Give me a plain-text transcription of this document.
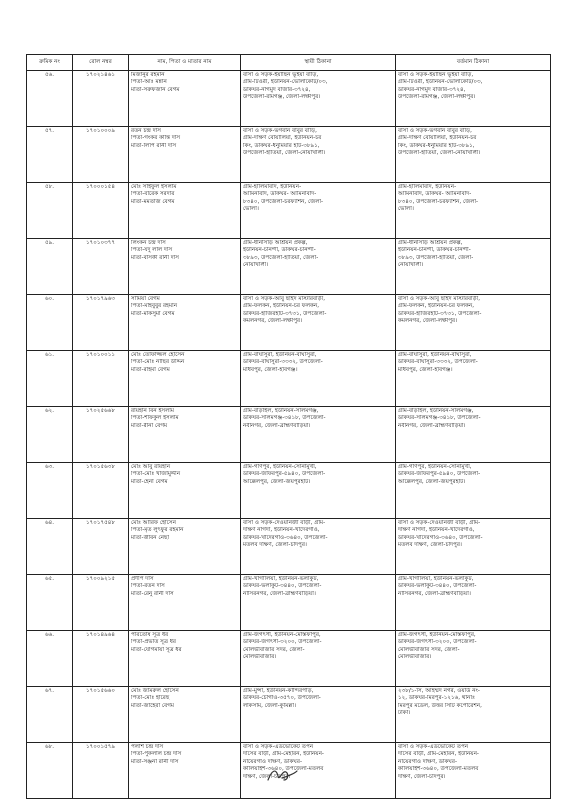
ক্রমিক নং	রোল নম্বর	নাম, পিতা ও মাতার নাম	স্থায়ী ঠিকানা	বর্তমান ঠিকানা
৫৬.	১৭০২১৪৬১	মিজানুর রহমান
পিতা-আঃ মন্নান
মাতা-সরুফজান বেগম	বাসা ও সড়ক-ইয়াছিন ভূইয়া বাড়ি,
গ্রাম-টিওরী, ইউনিয়ন-ভোলাকোট/০৩,
ডাকঘর-নাগমুদ বাজার-৩৭২৪,
উপজেলা-রামগঞ্জ, জেলা-লক্ষীপুর।	বাসা ও সড়ক-ইয়াছিন ভূইয়া বাড়ি,
গ্রাম-টিওরী, ইউনিয়ন-ভোলাকোট/০৩,
ডাকঘর-নাগমুদ বাজার-৩৭২৪,
উপজেলা-রামগঞ্জ, জেলা-লক্ষীপুর।

৫৭.	১৭০১০০০৯	রতন চন্দ্র দাস
পিতা-গংকর কান্তি দাস
মাতা-লিপি রানী দাস	বাসা ও সড়ক-ভগবান বাবুর বাড়ি,
গ্রাম-দক্ষিণ বোয়ালিয়া, ইউনিয়ন-চর
কিং, ডাকঘর-ধনুমিয়ার হাট-৩৮৯১,
উপজেলা-হাতিয়া, জেলা-নোয়াখালী।	বাসা ও সড়ক-ভগবান বাবুর বাড়ি,
গ্রাম-দক্ষিণ বোয়ালিয়া, ইউনিয়ন-চর
কিং, ডাকঘর-ধনুমিয়ার হাট-৩৮৯১,
উপজেলা-হাতিয়া, জেলা-নোয়াখালী।

৫৮.	১৭০০০১৫৪	মোঃ সাইফুল ইসলাম
পিতা-বারেক সরদার
মাতা-মমতাজ বেগম	গ্রাম-হালিমাবাদ, ইউনিয়ন-
আমিনাবাদ, ডাকঘর- আমিনাবাদ-
৮৩৪০, উপজেলা-চরফ্যাশন, জেলা-
ভোলা।	গ্রাম-হালিমাবাদ, ইউনিয়ন-
আমিনাবাদ, ডাকঘর- আমিনাবাদ-
৮৩৪০, উপজেলা-চরফ্যাশন, জেলা-
ভোলা।

৫৯.	১৭০১০৩৭৭	লিংকন চন্দ্র দাস
পিতা-যদু লাল দাস
মাতা-বাসকী রানী দাস	গ্রাম-ধানসিড়ি আশ্রয়ন প্রকল্প,
ইউনিয়ন-চানন্দী, ডাকঘর-চানন্দী-
৩৮৯৩, উপজেলা-হাতিয়া, জেলা-
নোয়াখালী।	গ্রাম-ধানসিড়ি আশ্রয়ন প্রকল্প,
ইউনিয়ন-চানন্দী, ডাকঘর-চানন্দী-
৩৮৯৩, উপজেলা-হাতিয়া, জেলা-
নোয়াখালী।

৬০.	১৭০১৭৯৬৩	সামিয়া বেগম
পিতা-মাহবুবুর রহমান
মাতা-মাকসুমা বেগম	বাসা ও সড়ক-আবু ছাইদ মাস্টারবাড়ী,
গ্রাম-ফলকন, ইউনিয়ন-চর ফলকন,
ডাকঘর-হাজিরহাট-৩৭৩১, উপজেলা-
কমলনগর, জেলা-লক্ষীপুর।	বাসা ও সড়ক-আবু ছাইদ মাস্টারবাড়ী,
গ্রাম-ফলকন, ইউনিয়ন-চর ফলকন,
ডাকঘর-হাজিরহাট-৩৭৩১, উপজেলা-
কমলনগর, জেলা-লক্ষীপুর।

৬১.	১৭০১০০১১	মোঃ তোফাজ্জল হোসেন
পিতা-মোঃ নাছির উদ্দিন
মাতা-রহিমা বেগম	গ্রাম-বাঘাসুরা, ইউনিয়ন-বাঘাসুরা,
ডাকঘর-বাঘাসুরা-৩৩৩২, উপজেলা-
মাধবপুর, জেলা-হবিগঞ্জ।	গ্রাম-বাঘাসুরা, ইউনিয়ন-বাঘাসুরা,
ডাকঘর-বাঘাসুরা-৩৩৩২, উপজেলা-
মাধবপুর, জেলা-হবিগঞ্জ।

৬২.	১৭০২৫৬৬৮	রায়হান বিন ইসলাম
পিতা-শফিকুল ইসলাম
মাতা-রীনা বেগম	গ্রাম-বাড়াইল, ইউনিয়ন-সলিমগঞ্জ,
ডাকঘর-সলিমগঞ্জ-৩৪১৮, উপজেলা-
নবীনগর, জেলা-ব্রাহ্মণবাড়িয়া।	গ্রাম-বাড়াইল, ইউনিয়ন-সলিমগঞ্জ,
ডাকঘর-সলিমগঞ্জ-৩৪১৮, উপজেলা-
নবীনগর, জেলা-ব্রাহ্মণবাড়িয়া।

৬৩.	১৭০১৫৬৩৮	মোঃ আবু রায়হান
পিতা-মোঃ খাজামুদ্দীন
মাতা-হেনা বেগম	গ্রাম-গণিপুর, ইউনিয়ন-সোনামুখী,
ডাকঘর-জাফরপুর-৫৯৪০, উপজেলা-
আক্কেলপুর, জেলা-জয়পুরহাট।	গ্রাম-গণিপুর, ইউনিয়ন-সোনামুখী,
ডাকঘর-জাফরপুর-৫৯৪০, উপজেলা-
আক্কেলপুর, জেলা-জয়পুরহাট।

৬৪.	১৭০১৭৫৪৮	মোঃ আরিফ হোসেন
পিতা-মৃত লুৎফুর রহমান
মাতা-জীবন নেছা	বাসা ও সড়ক-দেওয়ানজী বাড়ী, গ্রাম-
দক্ষিণ নাগদা, ইউনিয়ন-খাদেরগাঁও,
ডাকঘর-খাদেরগাঁও-৩৬৪০, উপজেলা-
মতলব দক্ষিণ, জেলা-চাঁদপুর।	বাসা ও সড়ক-দেওয়ানজী বাড়ী, গ্রাম-
দক্ষিণ নাগদা, ইউনিয়ন-খাদেরগাঁও,
ডাকঘর-খাদেরগাঁও-৩৬৪০, উপজেলা-
মতলব দক্ষিণ, জেলা-চাঁদপুর।

৬৫.	১৭০০৯২১৫	প্রদীপ দাস
পিতা-রতন দাস
মাতা-রেনু রানী দাস	গ্রাম-খাগালিয়া, ইউনিয়ন-ভলাকুট,
ডাকঘর-ভলাকুট-৩৪৪০, উপজেলা-
নাসিরনগর, জেলা-ব্রাহ্মণবাড়িয়া।	গ্রাম-খাগালিয়া, ইউনিয়ন-ভলাকুট,
ডাকঘর-ভলাকুট-৩৪৪০, উপজেলা-
নাসিরনগর, জেলা-ব্রাহ্মণবাড়িয়া।

৬৬.	১৭০১৪৯৬৪	পরিতোষ সূত্র ধর
পিতা-প্রভাত সূত্র ধর
মাতা-যোগমায়া সূত্র ধর	গ্রাম-জগৎসী, ইউনিয়ন-মোস্তফাপুর,
ডাকঘর-জগৎসী-৩২০০, উপজেলা-
মৌলভীবাজার সদর, জেলা-
মৌলভীবাজার।	গ্রাম-জগৎসী, ইউনিয়ন-মোস্তফাপুর,
ডাকঘর-জগৎসী-৩২০০, উপজেলা-
মৌলভীবাজার সদর, জেলা-
মৌলভীবাজার।

৬৭.	১৭০১৫৬৬০	মোঃ জামরুল হোসেন
পিতা-মোঃ হারেছ
মাতা-জাহেরা বেগম	গ্রাম-মুন্সা, ইউনিয়ন-কান্দিরপাড়,
ডাকঘর-চৌগাঁও-৩৫৭০, উপজেলা-
লাকসাম, জেলা-কুমিল্লা।	২৩৮/১-সি, আহম্মদ নগর, ওয়ার্ড নং-
১২, ডাকঘর-মিরপুর-১২১৬, থানাঃ
মিরপুর মডেল, উত্তর সিটি কর্পোরেশন,
ঢাকা।

৬৮.	১৭০০১৫৭৯	পলাশ চন্দ্র দাস
পিতা-পুকলাল চন্দ্র দাস
মাতা-সঞ্জনা রানী দাস	বাসা ও সড়ক-এডভোকেট তপন
দাসের বাড়ী, গ্রাম-মেহারন, ইউনিয়ন-
নায়েরগাঁও দক্ষিণ, ডাকঘর-
কালিয়াইশ-৩৬৪০, উপজেলা-মতলব
দক্ষিণ, জেলা-চাঁদপুর।	বাসা ও সড়ক-এডভোকেট তপন
দাসের বাড়ী, গ্রাম-মেহারন, ইউনিয়ন-
নায়েরগাঁও দক্ষিণ, ডাকঘর-
কালিয়াইশ-৩৬৪০, উপজেলা-মতলব
দক্ষিণ, জেলা-চাঁদপুর।
